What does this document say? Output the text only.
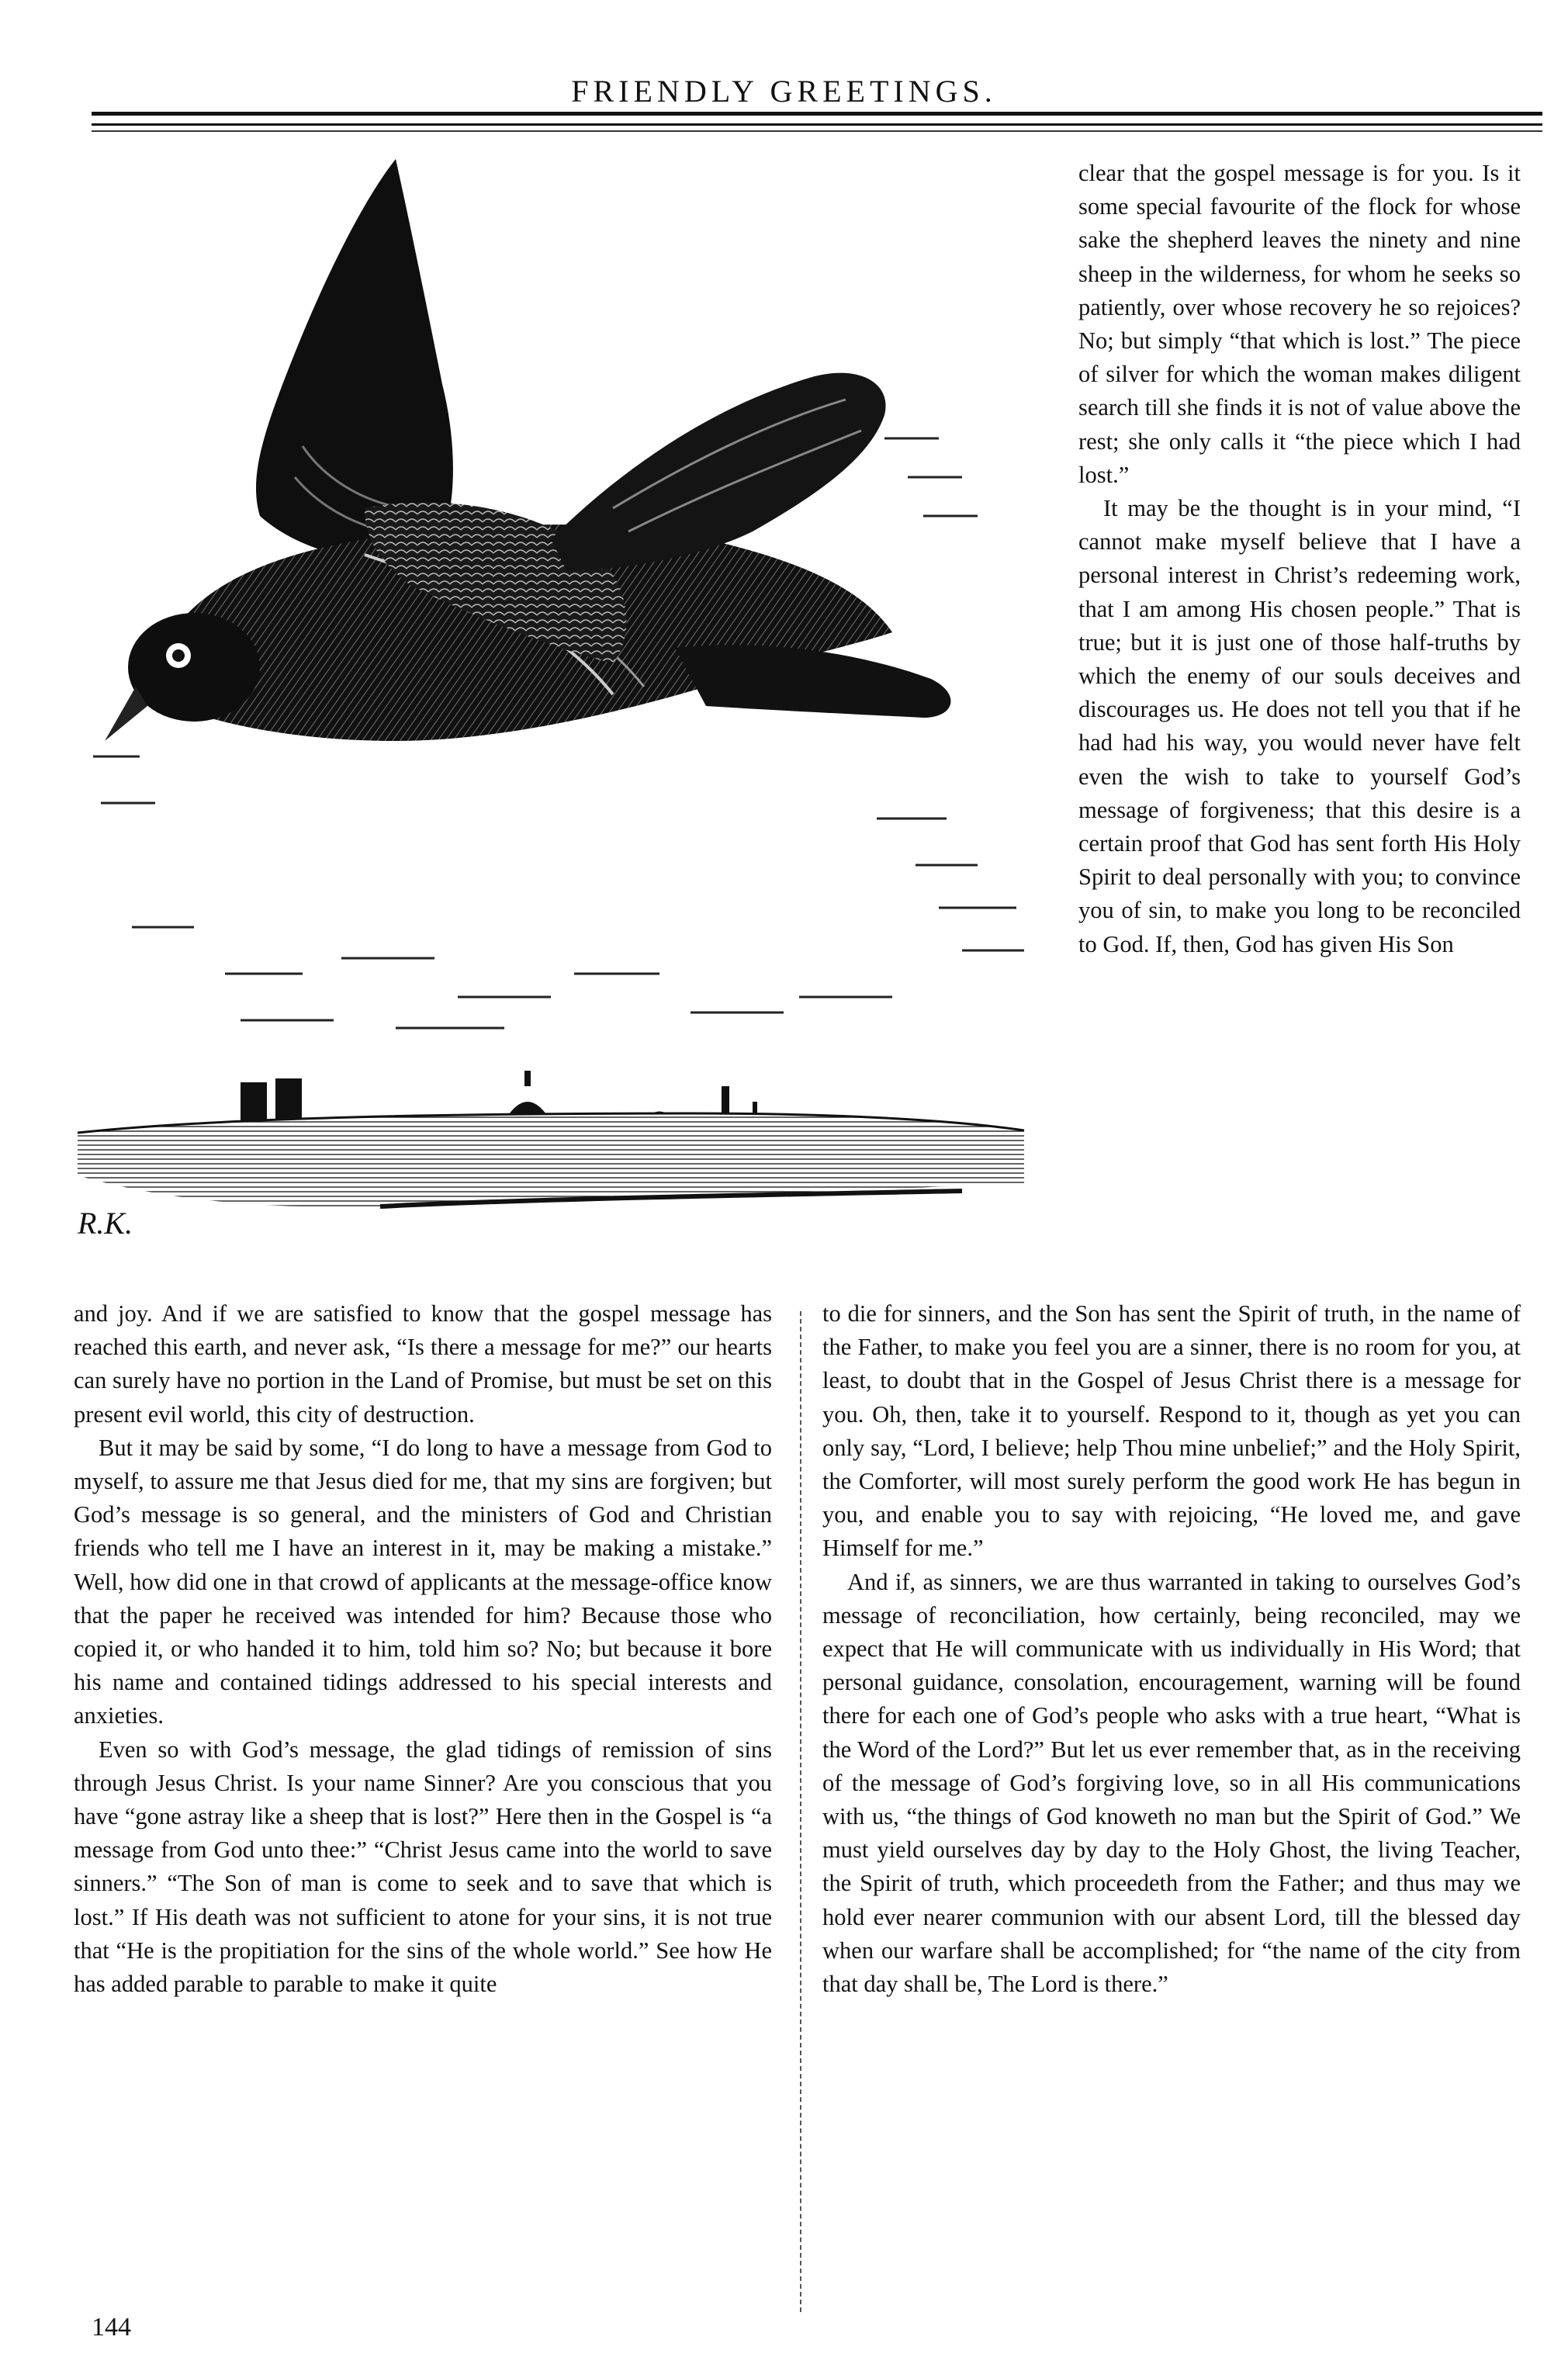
FRIENDLY GREETINGS.
R.K.

clear that the gospel message is for you. Is it some special favourite of the flock for whose sake the shepherd leaves the ninety and nine sheep in the wilderness, for whom he seeks so patiently, over whose recovery he so rejoices? No; but simply “that which is lost.” The piece of silver for which the woman makes diligent search till she finds it is not of value above the rest; she only calls it “the piece which I had lost.”

It may be the thought is in your mind, “I cannot make myself believe that I have a personal interest in Christ’s redeeming work, that I am among His chosen people.” That is true; but it is just one of those half-truths by which the enemy of our souls deceives and discourages us. He does not tell you that if he had had his way, you would never have felt even the wish to take to yourself God’s message of forgiveness; that this desire is a certain proof that God has sent forth His Holy Spirit to deal personally with you; to convince you of sin, to make you long to be reconciled to God. If, then, God has given His Son

and joy. And if we are satisfied to know that the gospel message has reached this earth, and never ask, “Is there a message for me?” our hearts can surely have no portion in the Land of Promise, but must be set on this present evil world, this city of destruction.

But it may be said by some, “I do long to have a message from God to myself, to assure me that Jesus died for me, that my sins are forgiven; but God’s message is so general, and the ministers of God and Christian friends who tell me I have an interest in it, may be making a mistake.” Well, how did one in that crowd of applicants at the message-office know that the paper he received was intended for him? Because those who copied it, or who handed it to him, told him so? No; but because it bore his name and contained tidings addressed to his special interests and anxieties.

Even so with God’s message, the glad tidings of remission of sins through Jesus Christ. Is your name Sinner? Are you conscious that you have “gone astray like a sheep that is lost?” Here then in the Gospel is “a message from God unto thee:” “Christ Jesus came into the world to save sinners.” “The Son of man is come to seek and to save that which is lost.” If His death was not sufficient to atone for your sins, it is not true that “He is the propitiation for the sins of the whole world.” See how He has added parable to parable to make it quite

to die for sinners, and the Son has sent the Spirit of truth, in the name of the Father, to make you feel you are a sinner, there is no room for you, at least, to doubt that in the Gospel of Jesus Christ there is a message for you. Oh, then, take it to yourself. Respond to it, though as yet you can only say, “Lord, I believe; help Thou mine unbelief;” and the Holy Spirit, the Comforter, will most surely perform the good work He has begun in you, and enable you to say with rejoicing, “He loved me, and gave Himself for me.”

And if, as sinners, we are thus warranted in taking to ourselves God’s message of reconciliation, how certainly, being reconciled, may we expect that He will communicate with us individually in His Word; that personal guidance, consolation, encouragement, warning will be found there for each one of God’s people who asks with a true heart, “What is the Word of the Lord?” But let us ever remember that, as in the receiving of the message of God’s forgiving love, so in all His communications with us, “the things of God knoweth no man but the Spirit of God.” We must yield ourselves day by day to the Holy Ghost, the living Teacher, the Spirit of truth, which proceedeth from the Father; and thus may we hold ever nearer communion with our absent Lord, till the blessed day when our warfare shall be accomplished; for “the name of the city from that day shall be, The Lord is there.”

144
